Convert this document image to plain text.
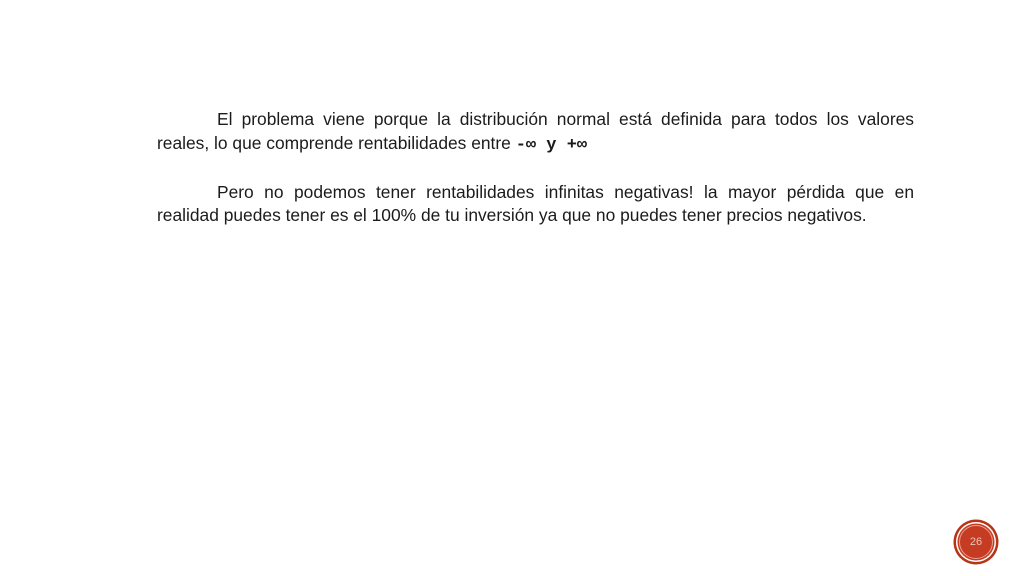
El problema viene porque la distribución normal está definida para todos los valores reales, lo que comprende rentabilidades entre -∞ y +∞

Pero no podemos tener rentabilidades infinitas negativas! la mayor pérdida que en realidad puedes tener es el 100% de tu inversión ya que no puedes tener precios negativos.

26
